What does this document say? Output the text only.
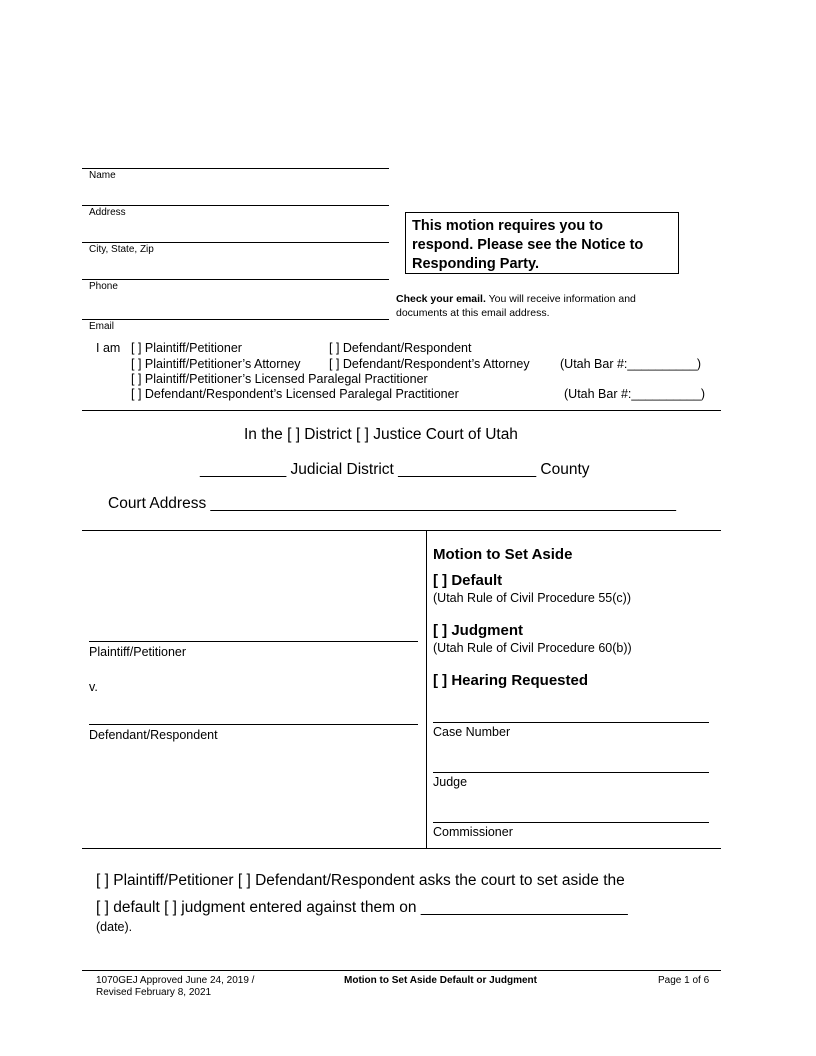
Name
Address
City, State, Zip
Phone
Email
This motion requires you to
respond. Please see the Notice to
Responding Party.
Check your email. You will receive information and
documents at this email address.
I am [ ] Plaintiff/Petitioner	[ ] Defendant/Respondent
[ ] Plaintiff/Petitioner’s Attorney [ ] Defendant/Respondent’s Attorney (Utah Bar #:__________)
[ ] Plaintiff/Petitioner’s Licensed Paralegal Practitioner
[ ] Defendant/Respondent’s Licensed Paralegal Practitioner	(Utah Bar #:__________)
In the [ ] District [ ] Justice Court of Utah
__________ Judicial District ________________ County
Court Address ______________________________________________________
Plaintiff/Petitioner
v.
Defendant/Respondent
Motion to Set Aside
[ ] Default
(Utah Rule of Civil Procedure 55(c))
[ ] Judgment
(Utah Rule of Civil Procedure 60(b))
[ ] Hearing Requested
Case Number
Judge
Commissioner
[ ] Plaintiff/Petitioner [ ] Defendant/Respondent asks the court to set aside the
[ ] default [ ] judgment entered against them on ________________________
(date).
1070GEJ Approved June 24, 2019 /
Revised February 8, 2021
Motion to Set Aside Default or Judgment	Page 1 of 6
